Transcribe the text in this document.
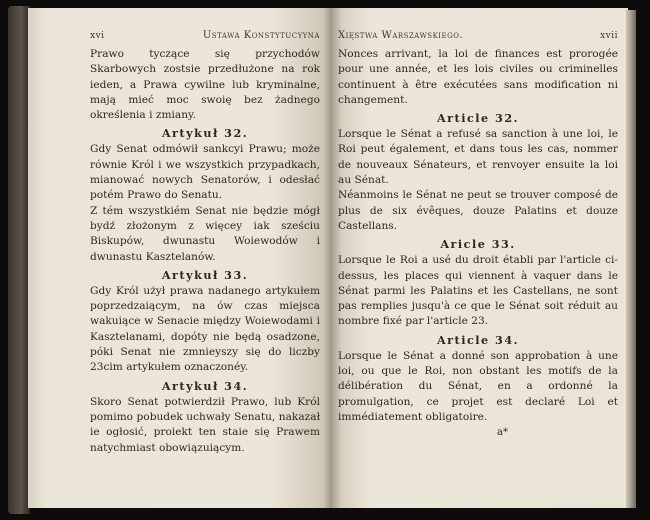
xvi	Ustawa Konstytucyyna

Prawo tyczące się przychodów Skarbowych zostsie przedłużone na rok ieden, a Prawa cywilne lub kryminalne, mają mieć moc swoię bez żadnego określenia i zmiany.

Artykuł 32.

Gdy Senat odmówił sankcyi Prawu; może równie Król i we wszystkich przypadkach, mianować nowych Senatorów, i odesłać potém Prawo do Senatu.

Z tém wszystkiém Senat nie będzie mógł bydź złożonym z więcey iak sześciu Biskupów, dwunastu Woiewodów i dwunastu Kasztelanów.

Artykuł 33.

Gdy Król użył prawa nadanego artykułem poprzedzaiącym, na ów czas miejsca wakuiące w Senacie między Woiewodami i Kasztelanami, dopóty nie będą osadzone, póki Senat nie zmnieyszy się do liczby 23cim artykułem oznaczonéy.

Artykuł 34.

Skoro Senat potwierdził Prawo, lub Król pomimo pobudek uchwały Senatu, nakazał ie ogłosić, proiekt ten staie się Prawem natychmiast obowiązuiącym.

Xięstwa Warszawskiego.	xvii

Nonces arrivant, la loi de finances est prorogée pour une année, et les lois civiles ou criminelles continuent à être exécutées sans modification ni changement.

Article 32.

Lorsque le Sénat a refusé sa sanction à une loi, le Roi peut également, et dans tous les cas, nommer de nouveaux Sénateurs, et renvoyer ensuite la loi au Sénat.

Néanmoins le Sénat ne peut se trouver composé de plus de six évêques, douze Palatins et douze Castellans.

Aricle 33.

Lorsque le Roi a usé du droit établi par l'article ci-dessus, les places qui viennent à vaquer dans le Sénat parmi les Palatins et les Castellans, ne sont pas remplies jusqu'à ce que le Sénat soit réduit au nombre fixé par l'article 23.

Article 34.

Lorsque le Sénat a donné son approbation à une loi, ou que le Roi, non obstant les motifs de la délibération du Sénat, en a ordonné la promulgation, ce projet est declaré Loi et immédiatement obligatoire.

a*
